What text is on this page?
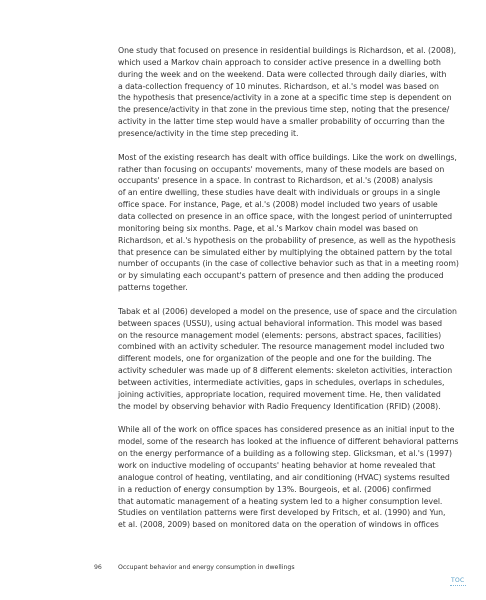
One study that focused on presence in residential buildings is Richardson, et al. (2008),
which used a Markov chain approach to consider active presence in a dwelling both
during the week and on the weekend. Data were collected through daily diaries, with
a data-collection frequency of 10 minutes. Richardson, et al.'s model was based on
the hypothesis that presence/activity in a zone at a specific time step is dependent on
the presence/activity in that zone in the previous time step, noting that the presence/
activity in the latter time step would have a smaller probability of occurring than the
presence/activity in the time step preceding it.

Most of the existing research has dealt with office buildings. Like the work on dwellings,
rather than focusing on occupants' movements, many of these models are based on
occupants' presence in a space. In contrast to Richardson, et al.'s (2008) analysis
of an entire dwelling, these studies have dealt with individuals or groups in a single
office space. For instance, Page, et al.'s (2008) model included two years of usable
data collected on presence in an office space, with the longest period of uninterrupted
monitoring being six months. Page, et al.'s Markov chain model was based on
Richardson, et al.'s hypothesis on the probability of presence, as well as the hypothesis
that presence can be simulated either by multiplying the obtained pattern by the total
number of occupants (in the case of collective behavior such as that in a meeting room)
or by simulating each occupant's pattern of presence and then adding the produced
patterns together.

Tabak et al (2006) developed a model on the presence, use of space and the circulation
between spaces (USSU), using actual behavioral information. This model was based
on the resource management model (elements: persons, abstract spaces, facilities)
combined with an activity scheduler. The resource management model included two
different models, one for organization of the people and one for the building. The
activity scheduler was made up of 8 different elements: skeleton activities, interaction
between activities, intermediate activities, gaps in schedules, overlaps in schedules,
joining activities, appropriate location, required movement time. He, then validated
the model by observing behavior with Radio Frequency Identification (RFID) (2008).

While all of the work on office spaces has considered presence as an initial input to the
model, some of the research has looked at the influence of different behavioral patterns
on the energy performance of a building as a following step. Glicksman, et al.'s (1997)
work on inductive modeling of occupants' heating behavior at home revealed that
analogue control of heating, ventilating, and air conditioning (HVAC) systems resulted
in a reduction of energy consumption by 13%. Bourgeois, et al. (2006) confirmed
that automatic management of a heating system led to a higher consumption level.
Studies on ventilation patterns were first developed by Fritsch, et al. (1990) and Yun,
et al. (2008, 2009) based on monitored data on the operation of windows in offices

96	Occupant behavior and energy consumption in dwellings
TOC
